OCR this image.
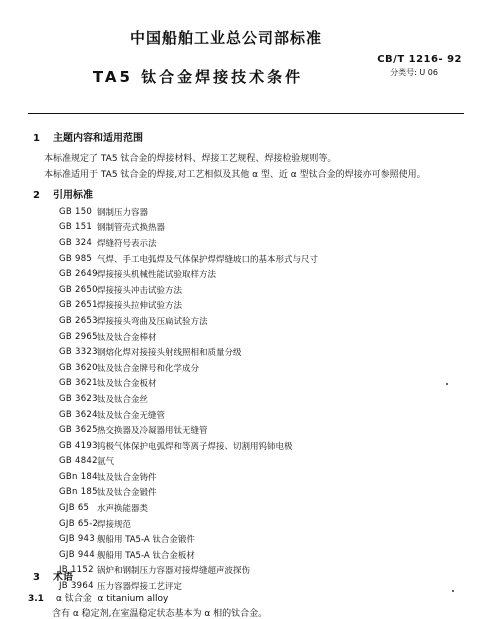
中国船舶工业总公司部标准
CB/T 1216- 92
分类号: U 06
TA5 钛合金焊接技术条件
1 主题内容和适用范围
本标准规定了 TA5 钛合金的焊接材料、焊接工艺规程、焊接检验规则等。
本标准适用于 TA5 钛合金的焊接,对工艺相似及其他 α 型、近 α 型钛合金的焊接亦可参照使用。
2 引用标准
GB 150 钢制压力容器
GB 151 钢制管壳式换热器
GB 324 焊缝符号表示法
GB 985 气焊、手工电弧焊及气体保护焊焊缝坡口的基本形式与尺寸
GB 2649 焊接接头机械性能试验取样方法
GB 2650 焊接接头冲击试验方法
GB 2651 焊接接头拉伸试验方法
GB 2653 焊接接头弯曲及压扁试验方法
GB 2965 钛及钛合金棒材
GB 3323 钢熔化焊对接接头射线照相和质量分级
GB 3620 钛及钛合金牌号和化学成分
GB 3621 钛及钛合金板材
GB 3623 钛及钛合金丝
GB 3624 钛及钛合金无缝管
GB 3625 热交换器及冷凝器用钛无缝管
GB 4193 钨极气体保护电弧焊和等离子焊接、切割用钨铈电极
GB 4842 氩气
GBn 184 钛及钛合金铸件
GBn 185 钛及钛合金锻件
GJB 65 水声换能器类
GJB 65-2
焊接规范
GJB 943 舰船用 TA5-A 钛合金锻件
GJB 944 舰船用 TA5-A 钛合金板材
JB 1152 锅炉和钢制压力容器对接焊缝超声波探伤
JB 3964 压力容器焊接工艺评定
3 术语
3.1 α 钛合金 α titanium alloy
含有 α 稳定剂,在室温稳定状态基本为 α 相的钛合金。
